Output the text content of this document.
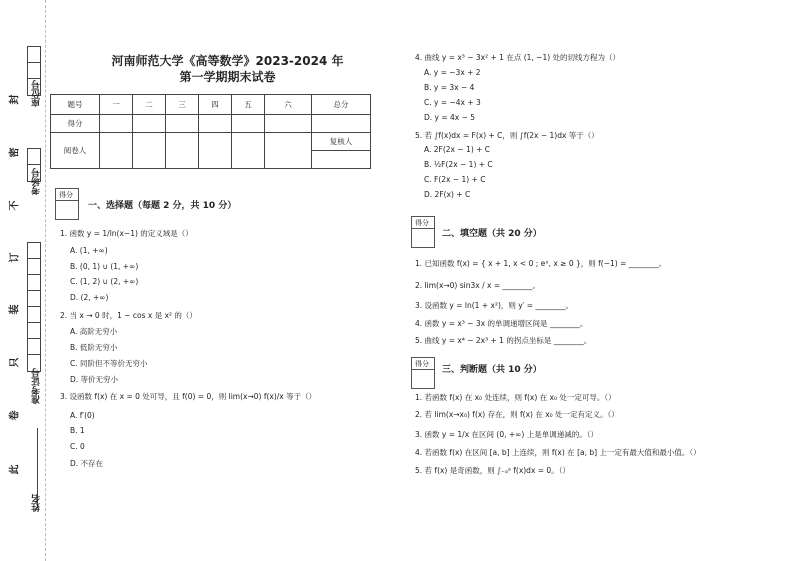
座位号
考场号
准考证号
姓名
封
密
不
订
装
只
卷
此
河南师范大学《高等数学》2023-2024 年
第一学期期末试卷
题号	一	二	三	四	五	六	总分
得分							
阅卷人							复核人

得分
一、选择题（每题 2 分，共 10 分）
1. 函数 y = 1/ln(x−1) 的定义域是（）
A. (1, +∞)
B. (0, 1) ∪ (1, +∞)
C. (1, 2) ∪ (2, +∞)
D. (2, +∞)
2. 当 x → 0 时，1 − cos x 是 x² 的（）
A. 高阶无穷小
B. 低阶无穷小
C. 同阶但不等价无穷小
D. 等价无穷小
3. 设函数 f(x) 在 x = 0 处可导，且 f(0) = 0，则 lim(x→0) f(x)/x 等于（）
A. f′(0)
B. 1
C. 0
D. 不存在
4. 曲线 y = x³ − 3x² + 1 在点 (1, −1) 处的切线方程为（）
A. y = −3x + 2
B. y = 3x − 4
C. y = −4x + 3
D. y = 4x − 5
5. 若 ∫f(x)dx = F(x) + C，则 ∫f(2x − 1)dx 等于（）
A. 2F(2x − 1) + C
B. ½F(2x − 1) + C
C. F(2x − 1) + C
D. 2F(x) + C
得分
二、填空题（共 20 分）
1. 已知函数 f(x) = { x + 1, x < 0 ; eˣ, x ≥ 0 }，则 f(−1) = ________。
2. lim(x→0) sin3x / x = ________。
3. 设函数 y = ln(1 + x²)，则 y′ = ________。
4. 函数 y = x³ − 3x 的单调递增区间是 ________。
5. 曲线 y = x⁴ − 2x³ + 1 的拐点坐标是 ________。
得分
三、判断题（共 10 分）
1. 若函数 f(x) 在 x₀ 处连续，则 f(x) 在 x₀ 处一定可导。（）
2. 若 lim(x→x₀) f(x) 存在，则 f(x) 在 x₀ 处一定有定义。（）
3. 函数 y = 1/x 在区间 (0, +∞) 上是单调递减的。（）
4. 若函数 f(x) 在区间 [a, b] 上连续，则 f(x) 在 [a, b] 上一定有最大值和最小值。（）
5. 若 f(x) 是奇函数，则 ∫₋ₐᵃ f(x)dx = 0。（）
